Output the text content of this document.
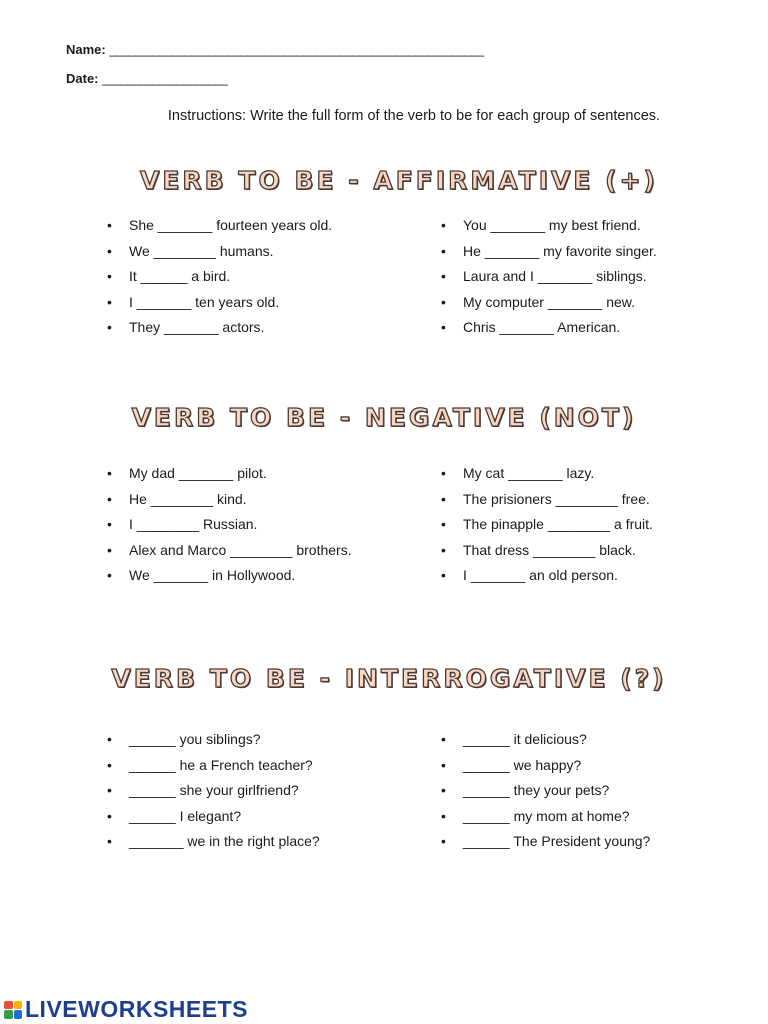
Name: ____________________________________________________________
Date: ____________________
Instructions: Write the full form of the verb to be for each group of sentences.
VERB TO BE - AFFIRMATIVE (+)
• She _______ fourteen years old.
• We ________ humans.
• It ______ a bird.
• I _______ ten years old.
• They _______ actors.
• You _______ my best friend.
• He _______ my favorite singer.
• Laura and I _______ siblings.
• My computer _______ new.
• Chris _______ American.
VERB TO BE - NEGATIVE (NOT)
• My dad _______ pilot.
• He ________ kind.
• I ________ Russian.
• Alex and Marco ________ brothers.
• We _______ in Hollywood.
• My cat _______ lazy.
• The prisioners ________ free.
• The pinapple ________ a fruit.
• That dress ________ black.
• I _______ an old person.
VERB TO BE - INTERROGATIVE (?)
• ______ you siblings?
• ______ he a French teacher?
• ______ she your girlfriend?
• ______ I elegant?
• _______ we in the right place?
• ______ it delicious?
• ______ we happy?
• ______ they your pets?
• ______ my mom at home?
• ______ The President young?
LIVEWORKSHEETS
